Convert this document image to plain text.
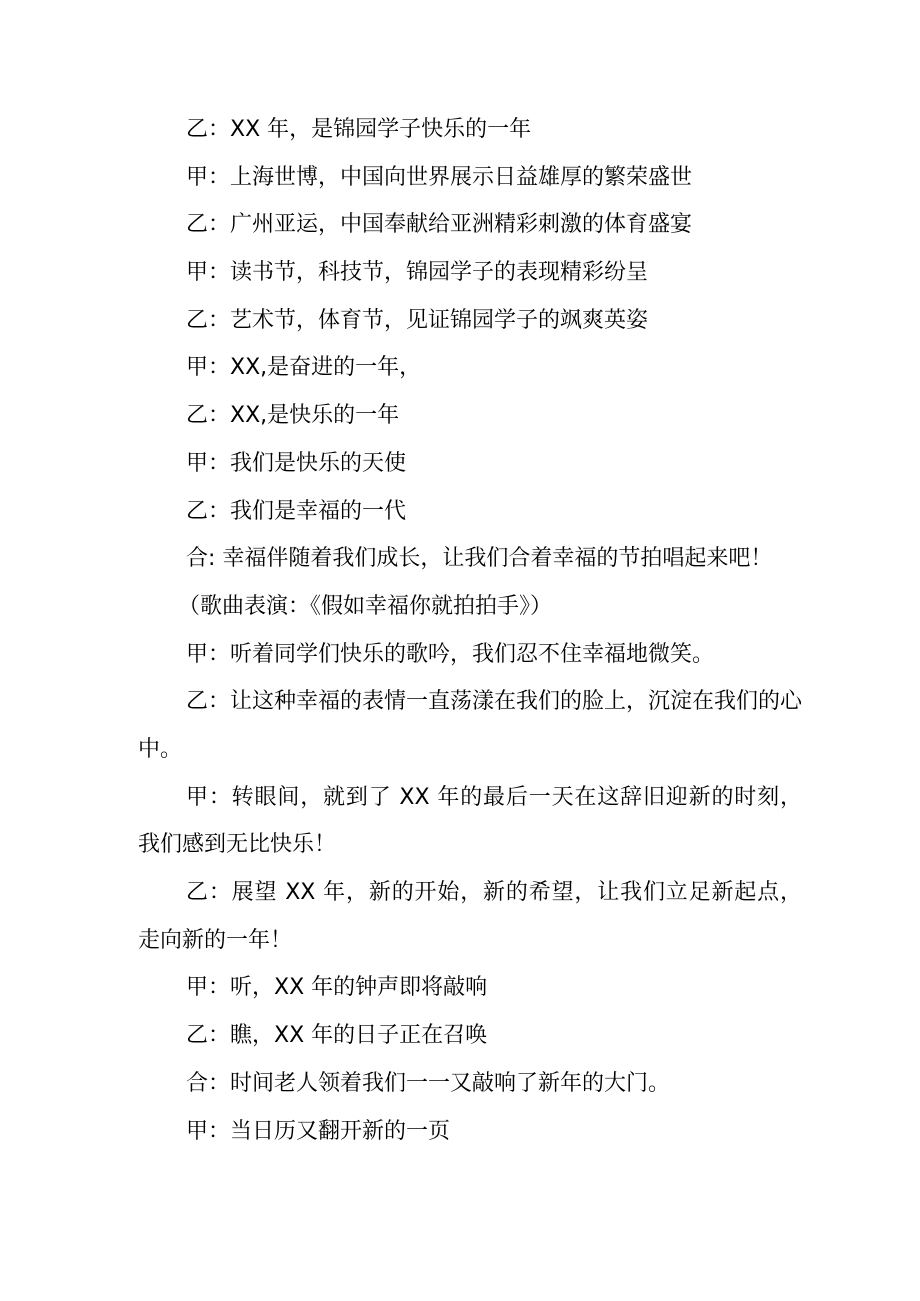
乙：XX 年，是锦园学子快乐的一年
甲：上海世博，中国向世界展示日益雄厚的繁荣盛世
乙：广州亚运，中国奉献给亚洲精彩刺激的体育盛宴
甲：读书节，科技节，锦园学子的表现精彩纷呈
乙：艺术节，体育节，见证锦园学子的飒爽英姿
甲：XX,是奋进的一年，
乙：XX,是快乐的一年
甲：我们是快乐的天使
乙：我们是幸福的一代
合: 幸福伴随着我们成长，让我们合着幸福的节拍唱起来吧！
（歌曲表演：《假如幸福你就拍拍手》）
甲：听着同学们快乐的歌吟，我们忍不住幸福地微笑。
乙：让这种幸福的表情一直荡漾在我们的脸上，沉淀在我们的心中。
甲：转眼间，就到了 XX 年的最后一天在这辞旧迎新的时刻，我们感到无比快乐！
乙：展望 XX 年，新的开始，新的希望，让我们立足新起点，走向新的一年！
甲：听，XX 年的钟声即将敲响
乙：瞧，XX 年的日子正在召唤
合：时间老人领着我们一一又敲响了新年的大门。
甲：当日历又翻开新的一页
